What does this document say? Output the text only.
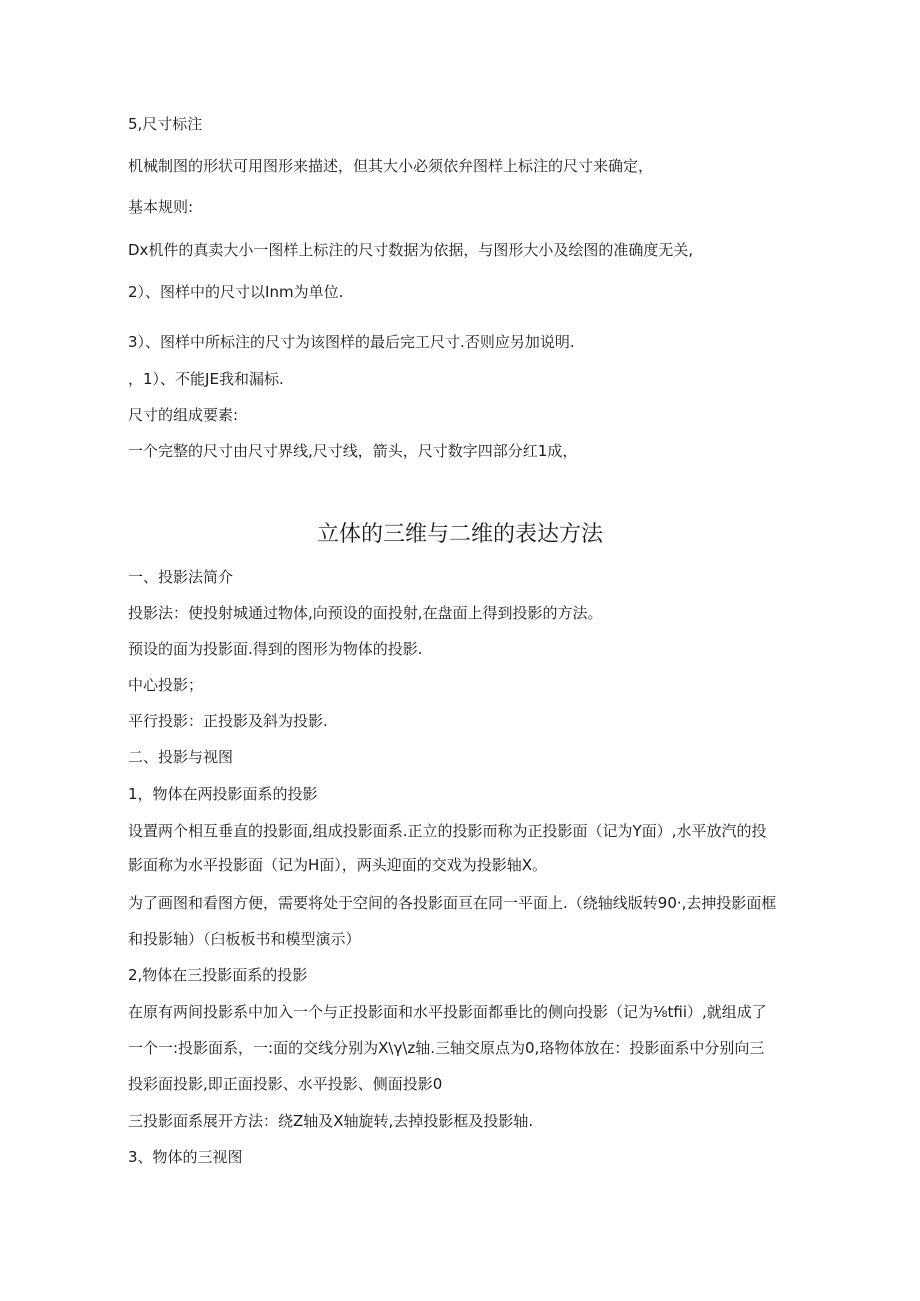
5,尺寸标注
机械制图的形状可用图形来描述，但其大小必须依弁图样上标注的尺寸来确定，
基本规则:
Dx机件的真卖大小一图样上标注的尺寸数据为依据，与图形大小及绘图的准确度无关,
2）、图样中的尺寸以Inm为单位.
3）、图样中所标注的尺寸为该图样的最后完工尺寸.否则应另加说明.
，1）、不能JE我和漏标.
尺寸的组成要素:
一个完整的尺寸由尺寸界线,尺寸线，箭头，尺寸数字四部分红1成，
立体的三维与二维的表达方法
一、投影法简介
投影法：使投射城通过物体,向预设的面投射,在盘面上得到投影的方法。
预设的面为投影面.得到的图形为物体的投影.
中心投影；
平行投影：正投影及斜为投影.
二、投影与视图
1，物体在两投影面系的投影
设置两个相互垂直的投影面,组成投影面系.正立的投影而称为正投影面（记为Y面）,水平放汽的投
影面称为水平投影面（记为H面），两头迎面的交戏为投影轴X。
为了画图和看图方便，需要将处于空间的各投影面亘在同一平面上.（绕轴线版转90·,去抻投影面框
和投影轴）（臼板板书和模型演示）
2,物体在三投影面系的投影
在原有两间投影系中加入一个与正投影面和水平投影面都垂比的侧向投影（记为⅛tfii）,就组成了
一个一:投影面系，一:面的交线分别为X\γ\z轴.三轴交原点为0,珞物体放在：投影面系中分别向三
投彩面投影,即正面投影、水平投影、侧面投影0
三投影面系展开方法：绕Z轴及X轴旋转,去掉投影框及投影轴.
3、物体的三视图
